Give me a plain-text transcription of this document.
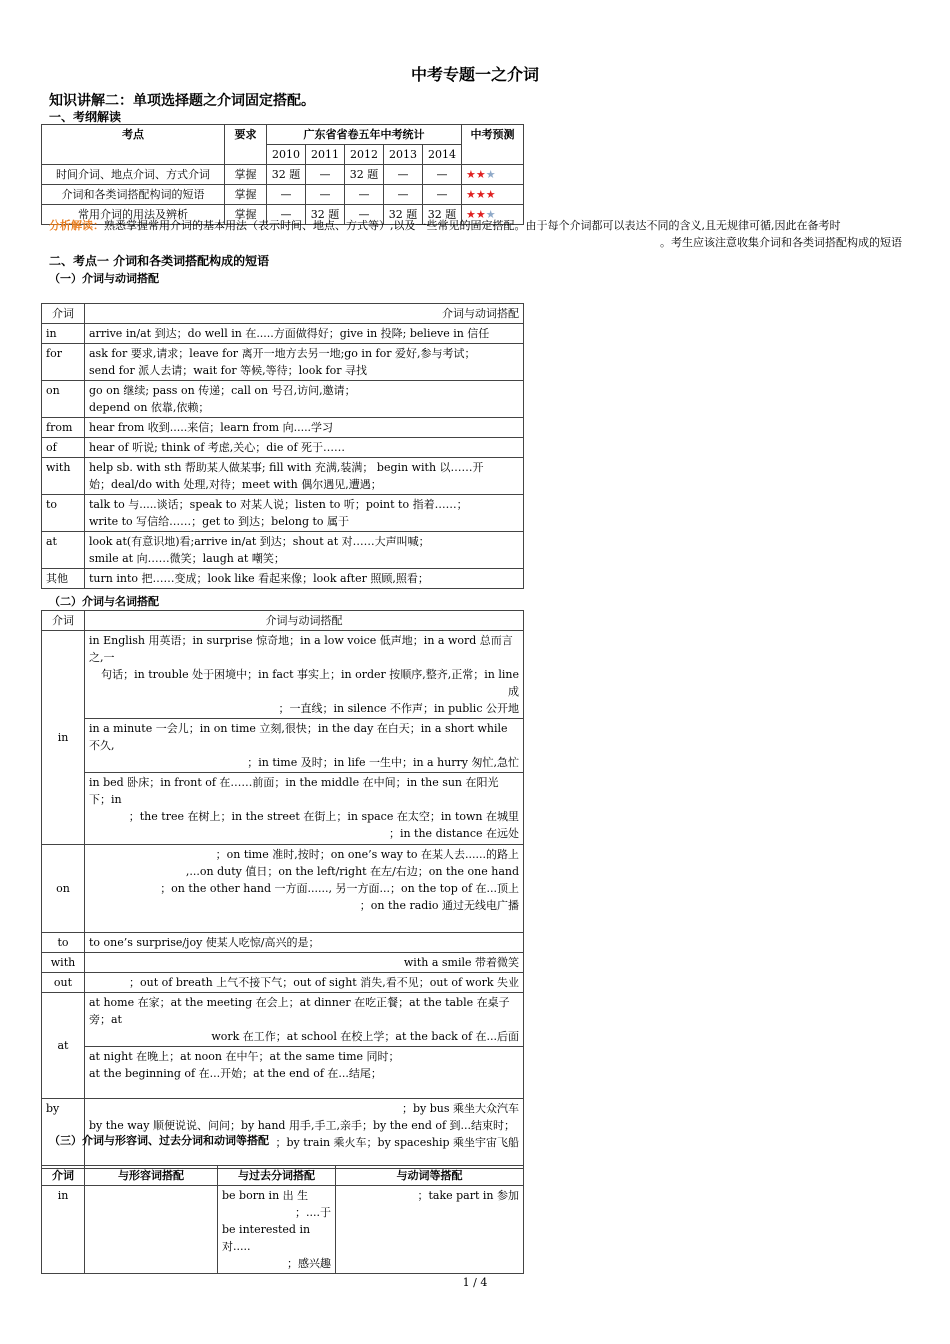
中考专题一之介词
知识讲解二：单项选择题之介词固定搭配。
一、考纲解读
考点	要求	广东省省卷五年中考统计					中考预测
		2010	2011	2012	2013	2014	
时间介词、地点介词、方式介词	掌握	32 题	—	32 题	—	—	★★★
介词和各类词搭配构词的短语	掌握	—	—	—	—	—	★★★
常用介词的用法及辨析	掌握	—	32 题	—	32 题	32 题	★★★
分析解读：熟悉掌握常用介词的基本用法（表示时间、地点、方式等）,以及一些常见的固定搭配。由于每个介词都可以表达不同的含义,且无规律可循,因此在备考时
。考生应该注意收集介词和各类词搭配构成的短语
二、考点一 介词和各类词搭配构成的短语
（一）介词与动词搭配
介词	介词与动词搭配
in	arrive in/at 到达；do well in 在.....方面做得好；give in 投降; believe in 信任

for	ask for 要求,请求；leave for 离开一地方去另一地;go in for 爱好,参与考试；
send for 派人去请；wait for 等候,等待；look for 寻找

on	go on 继续; pass on 传递；call on 号召,访问,邀请；
depend on 依靠,依赖；

from	hear from 收到.....来信；learn from 向.....学习

of	hear of 听说; think of 考虑,关心；die of 死于……

with	help sb. with sth 帮助某人做某事; fill with 充满,装满； begin with 以……开
始；deal/do with 处理,对待；meet with 偶尔遇见,遭遇；

to	talk to 与.....谈话；speak to 对某人说；listen to 听；point to 指着……；
write to 写信给……；get to 到达；belong to 属于

at	look at(有意识地)看;arrive in/at 到达；shout at 对……大声叫喊；
smile at 向……微笑；laugh at 嘲笑；

其他	turn into 把……变成；look like 看起来像；look after 照顾,照看；
（二）介词与名词搭配
介词	介词与动词搭配
in	in English 用英语；in surprise 惊奇地；in a low voice 低声地；in a word 总而言之,一
句话；in trouble 处于困境中；in fact 事实上；in order 按顺序,整齐,正常；in line 成
；一直线；in silence 不作声；in public 公开地

	in a minute 一会儿；in on time 立刻,很快；in the day 在白天；in a short while 不久,
；in time 及时；in life 一生中；in a hurry 匆忙,急忙

	in bed 卧床；in front of 在……前面；in the middle 在中间；in the sun 在阳光下；in
；the tree 在树上；in the street 在街上；in space 在太空；in town 在城里
；in the distance 在远处

on	；on time 准时,按时；on one’s way to 在某人去......的路上
,...on duty 值日；on the left/right 在左/右边；on the one hand
；on the other hand 一方面......, 另一方面...；on the top of 在...顶上
；on the radio 通过无线电广播

to	to one’s surprise/joy 使某人吃惊/高兴的是；
with	with a smile 带着微笑
out	；out of breath 上气不接下气；out of sight 消失,看不见；out of work 失业
at	at home 在家；at the meeting 在会上；at dinner 在吃正餐；at the table 在桌子旁；at
work 在工作；at school 在校上学；at the back of 在...后面

	at night 在晚上；at noon 在中午；at the same time 同时；
at the beginning of 在...开始；at the end of 在...结尾；

by	；by bus 乘坐大众汽车
by the way 顺便说说、问问；by hand 用手,手工,亲手；by the end of 到...结束时；
；by train 乘火车；by spaceship 乘坐宇宙飞船
（三）介词与形容词、过去分词和动词等搭配
介词	与形容词搭配	与过去分词搭配	与动词等搭配
in		be born in 出 生
；....于
be interested in 对.....
；感兴趣	；take part in 参加
1 / 4
